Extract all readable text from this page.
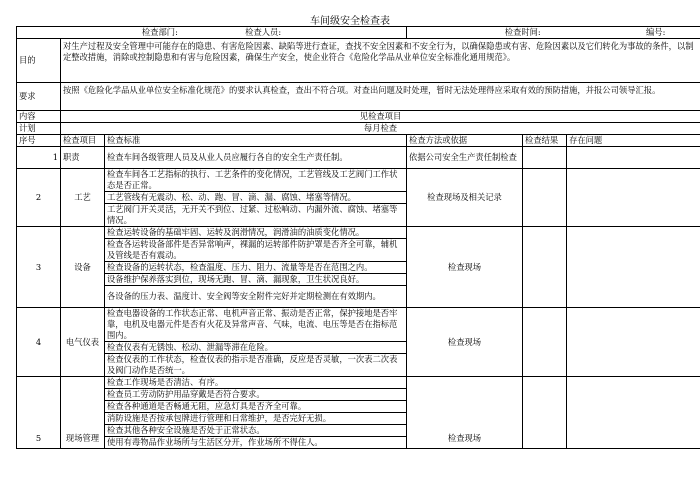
车间级安全检查表
检查部门: 检查人员:			检查时间: 编号:		
目的	对生产过程及安全管理中可能存在的隐患、有害危险因素、缺陷等进行查证，查找不安全因素和不安全行为，以确保隐患或有害、危险因素以及它们转化为事故的条件，以制定整改措施，消除或控制隐患和有害与危险因素，确保生产安全，使企业符合《危险化学品从业单位安全标准化通用规范》。				
要求	按照《危险化学品从业单位安全标准化规范》的要求认真检查，查出不符合项。对查出问题及时处理，暂时无法处理得应采取有效的预防措施，并报公司领导汇报。				
内容	见检查项目				
计划	每月检查				
序号	检查项目	检查标准	检查方法或依据	检查结果	存在问题
1	职责	检查车间各级管理人员及从业人员应履行各自的安全生产责任制。	依据公司安全生产责任制检查		
2	工艺	检查车间各工艺指标的执行、工艺条件的变化情况，工艺管线及工艺阀门工作状态是否正常。	检查现场及相关记录		
		工艺管线有无震动、松、动、跑、冒、滴、漏、腐蚀、堵塞等情况。			
		工艺阀门开关灵活，无开关不到位、过紧、过松响动、内漏外流、腐蚀、堵塞等情况。			
3	设备	检查运转设备的基础牢固、运转及润滑情况，润滑油的油质变化情况。	检查现场		
		检查各运转设备部件是否异常响声，裸漏的运转部件防护罩是否齐全可靠，辅机及管线是否有震动。			
		检查设备的运转状态，检查温度、压力、阻力、流量等是否在范围之内。			
		设备维护保养落实到位，现场无跑、冒、滴、漏现象，卫生状况良好。			
		各设备的压力表、温度计、安全阀等安全附件完好并定期检测在有效期内。			
4	电气仪表	检查电器设备的工作状态正常、电机声音正常、振动是否正常，保护接地是否牢靠，电机及电器元件是否有火花及异常声音、气味，电流、电压等是否在指标范围内。	检查现场		
		检查仪表有无锈蚀、松动、泄漏等滞在危险。			
		检查仪表的工作状态，检查仪表的指示是否准确，反应是否灵敏，一次表二次表及阀门动作是否统一。			
5	现场管理	检查工作现场是否清洁、有序。	检查现场		
		检查员工劳动防护用品穿戴是否符合要求。			
		检查各种通道是否畅通无阻，应急灯具是否齐全可靠。			
		消防设施是否按承包牌进行管理和日常维护，是否完好无损。			
		检查其他各种安全设施是否处于正常状态。			
		使用有毒物品作业场所与生活区分开，作业场所不得住人。			
